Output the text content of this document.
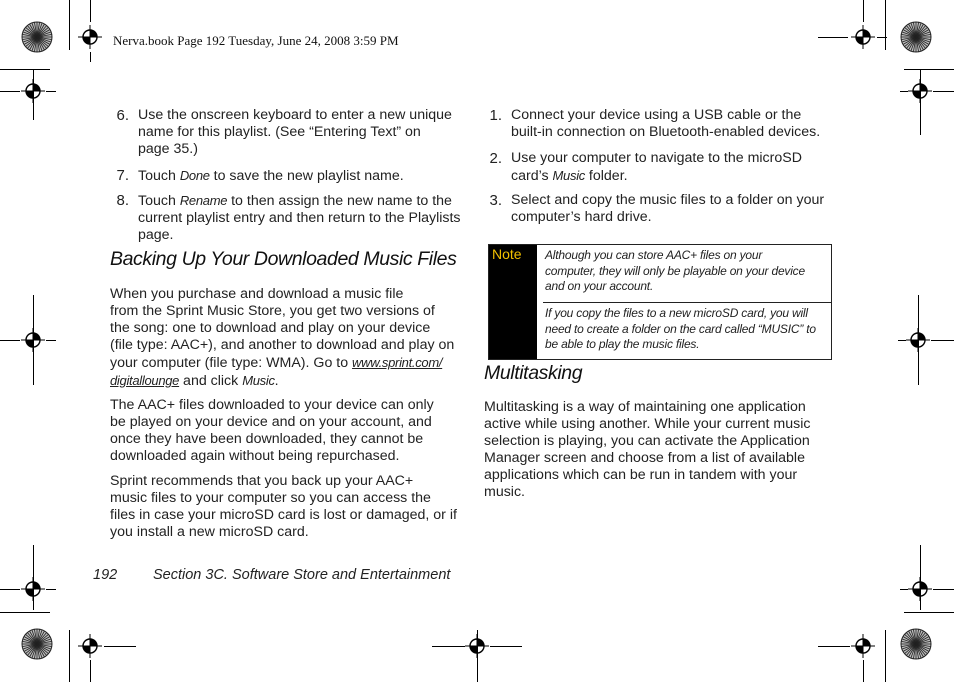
Nerva.book Page 192 Tuesday, June 24, 2008 3:59 PM
6. Use the onscreen keyboard to enter a new unique
name for this playlist. (See “Entering Text” on
page 35.)
7. Touch Done to save the new playlist name.
8. Touch Rename to then assign the new name to the
current playlist entry and then return to the Playlists
page.
Backing Up Your Downloaded Music Files
When you purchase and download a music file
from the Sprint Music Store, you get two versions of
the song: one to download and play on your device
(file type: AAC+), and another to download and play on
your computer (file type: WMA). Go to www.sprint.com/
digitallounge and click Music.
The AAC+ files downloaded to your device can only
be played on your device and on your account, and
once they have been downloaded, they cannot be
downloaded again without being repurchased.
Sprint recommends that you back up your AAC+
music files to your computer so you can access the
files in case your microSD card is lost or damaged, or if
you install a new microSD card.
1. Connect your device using a USB cable or the
built-in connection on Bluetooth-enabled devices.
2. Use your computer to navigate to the microSD
card’s Music folder.
3. Select and copy the music files to a folder on your
computer’s hard drive.
Note Although you can store AAC+ files on your
computer, they will only be playable on your device
and on your account.
If you copy the files to a new microSD card, you will
need to create a folder on the card called “MUSIC” to
be able to play the music files.
Multitasking
Multitasking is a way of maintaining one application
active while using another. While your current music
selection is playing, you can activate the Application
Manager screen and choose from a list of available
applications which can be run in tandem with your
music.
192 Section 3C. Software Store and Entertainment
